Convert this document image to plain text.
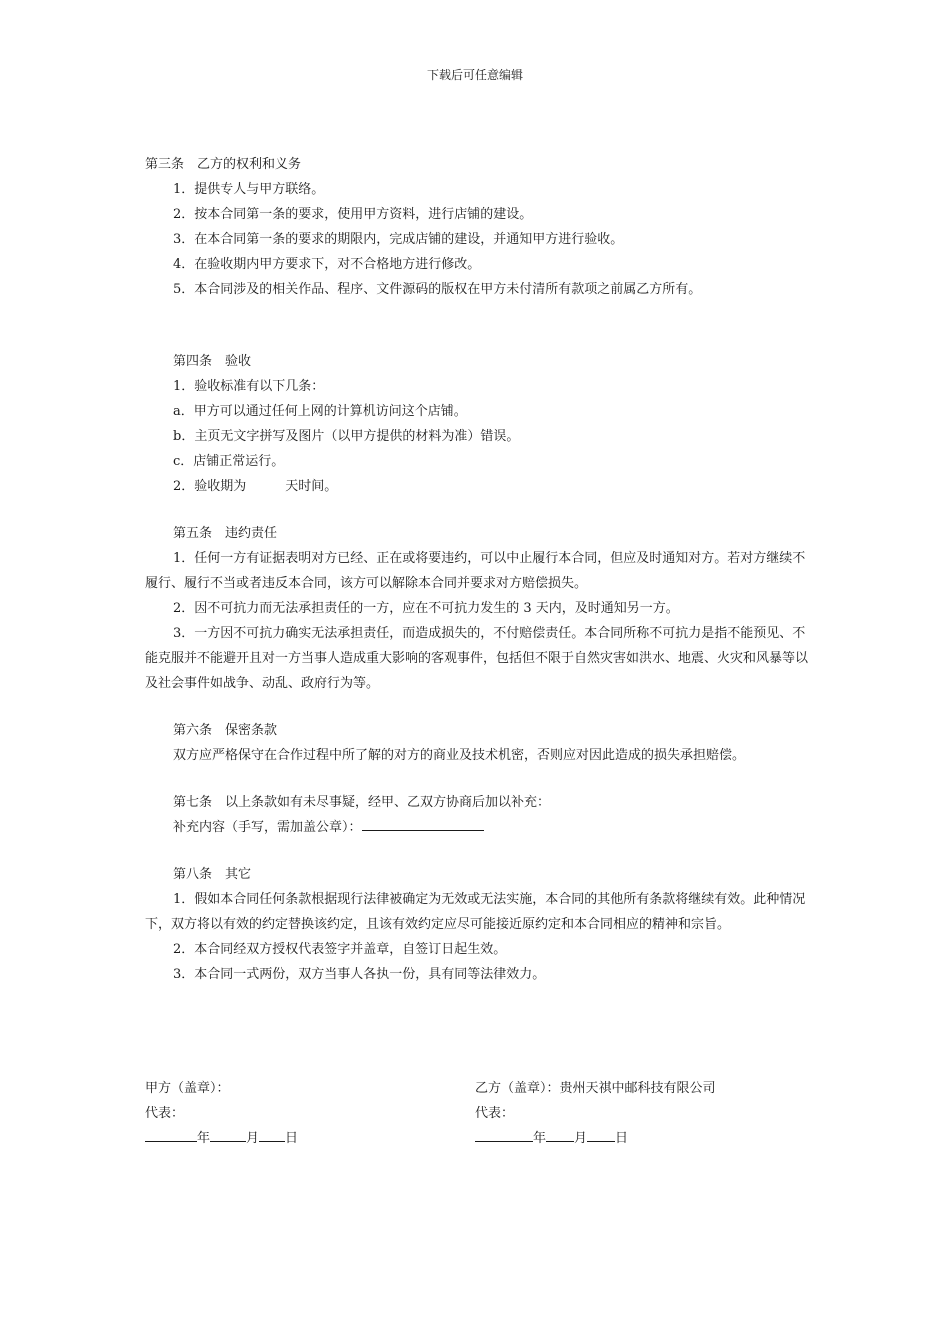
下载后可任意编辑
第三条　乙方的权利和义务
1．提供专人与甲方联络。
2．按本合同第一条的要求，使用甲方资料，进行店铺的建设。
3．在本合同第一条的要求的期限内，完成店铺的建设，并通知甲方进行验收。
4．在验收期内甲方要求下，对不合格地方进行修改。
5．本合同涉及的相关作品、程序、文件源码的版权在甲方未付清所有款项之前属乙方所有。
第四条　验收
1．验收标准有以下几条：
a．甲方可以通过任何上网的计算机访问这个店铺。
b．主页无文字拼写及图片（以甲方提供的材料为准）错误。
c．店铺正常运行。
2．验收期为　　　天时间。
第五条　违约责任
1．任何一方有证据表明对方已经、正在或将要违约，可以中止履行本合同，但应及时通知对方。若对方继续不履行、履行不当或者违反本合同，该方可以解除本合同并要求对方赔偿损失。
2．因不可抗力而无法承担责任的一方，应在不可抗力发生的 3 天内，及时通知另一方。
3．一方因不可抗力确实无法承担责任，而造成损失的，不付赔偿责任。本合同所称不可抗力是指不能预见、不能克服并不能避开且对一方当事人造成重大影响的客观事件，包括但不限于自然灾害如洪水、地震、火灾和风暴等以及社会事件如战争、动乱、政府行为等。
第六条　保密条款
双方应严格保守在合作过程中所了解的对方的商业及技术机密，否则应对因此造成的损失承担赔偿。
第七条　以上条款如有未尽事疑，经甲、乙双方协商后加以补充：
补充内容（手写，需加盖公章）：
第八条　其它
1．假如本合同任何条款根据现行法律被确定为无效或无法实施，本合同的其他所有条款将继续有效。此种情况下，双方将以有效的约定替换该约定，且该有效约定应尽可能接近原约定和本合同相应的精神和宗旨。
2．本合同经双方授权代表签字并盖章，自签订日起生效。
3．本合同一式两份，双方当事人各执一份，具有同等法律效力。
甲方（盖章）：
代表：
年	月 日
乙方（盖章）：贵州天祺中邮科技有限公司
代表：
年 月 日
